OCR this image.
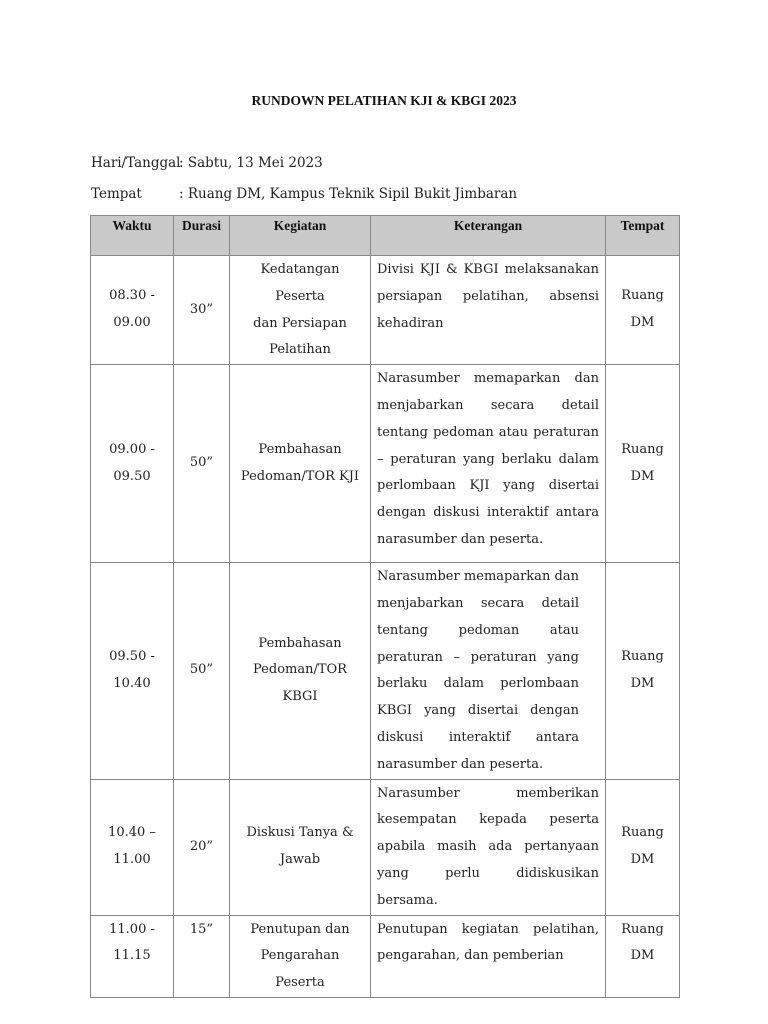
RUNDOWN PELATIHAN KJI & KBGI 2023
Hari/Tanggal: Sabtu, 13 Mei 2023
Tempat	: Ruang DM, Kampus Teknik Sipil Bukit Jimbaran
Waktu	Durasi	Kegiatan	Keterangan	Tempat
08.30 -
09.00	30”	Kedatangan Peserta
dan Persiapan
Pelatihan	Divisi KJI & KBGI melaksanakan persiapan pelatihan, absensi kehadiran	Ruang
DM
09.00 -
09.50	50”	Pembahasan
Pedoman/TOR KJI	Narasumber memaparkan dan menjabarkan secara detail tentang pedoman atau peraturan – peraturan yang berlaku dalam perlombaan KJI yang disertai dengan diskusi interaktif antara narasumber dan peserta.	Ruang
DM
09.50 -
10.40	50”	Pembahasan
Pedoman/TOR
KBGI	Narasumber memaparkan dan menjabarkan secara detail tentang pedoman atau peraturan – peraturan yang berlaku dalam perlombaan KBGI yang disertai dengan diskusi interaktif antara narasumber dan peserta.	Ruang
DM
10.40 –
11.00	20”	Diskusi Tanya &
Jawab	Narasumber memberikan kesempatan kepada peserta apabila masih ada pertanyaan yang perlu didiskusikan bersama.	Ruang
DM
11.00 -
11.15	15”	Penutupan dan
Pengarahan Peserta	Penutupan kegiatan pelatihan, pengarahan, dan pemberian	Ruang
DM
